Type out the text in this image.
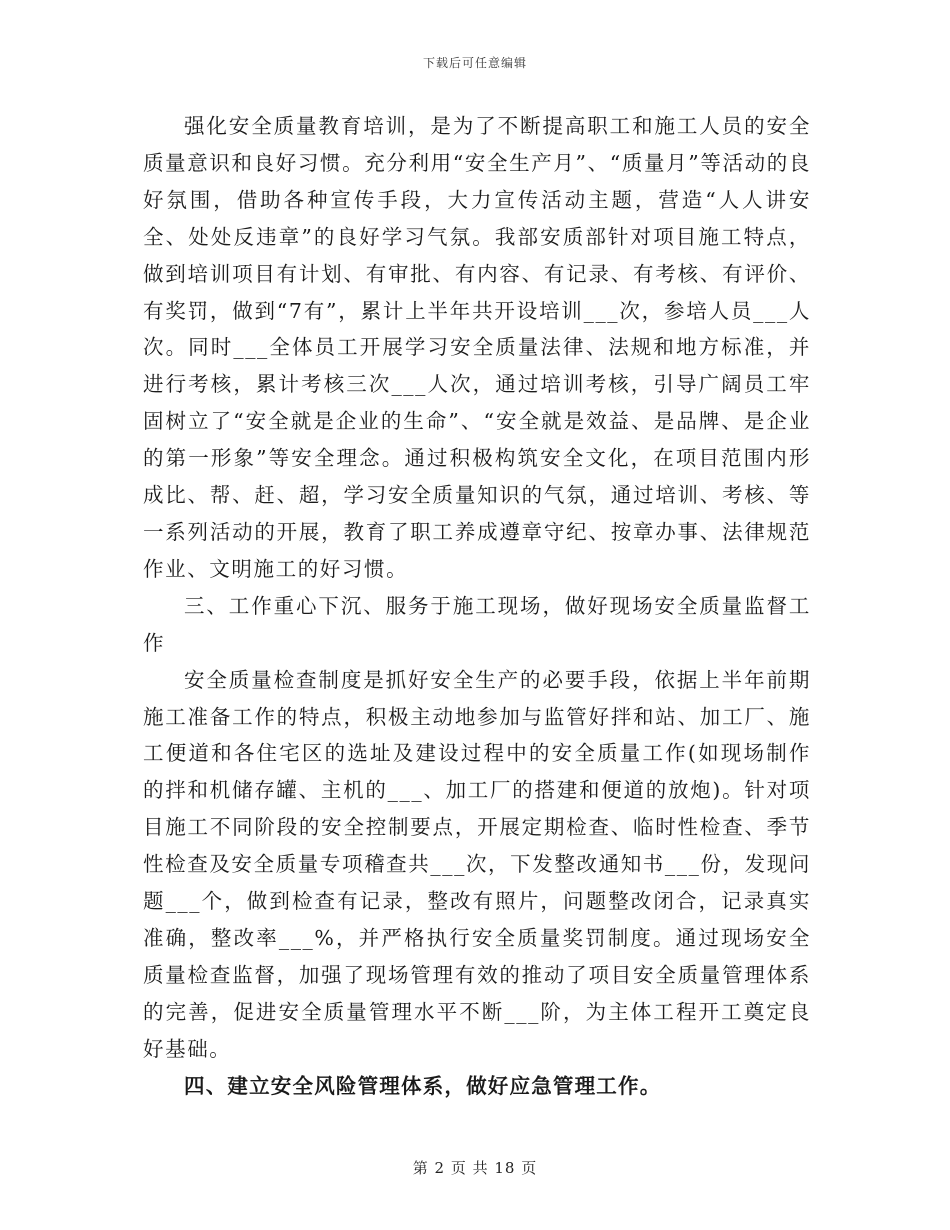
下载后可任意编辑

强化安全质量教育培训，是为了不断提高职工和施工人员的安全质量意识和良好习惯。充分利用“安全生产月”、“质量月”等活动的良好氛围，借助各种宣传手段，大力宣传活动主题，营造“人人讲安全、处处反违章”的良好学习气氛。我部安质部针对项目施工特点，做到培训项目有计划、有审批、有内容、有记录、有考核、有评价、有奖罚，做到“7有”，累计上半年共开设培训___次，参培人员___人次。同时___全体员工开展学习安全质量法律、法规和地方标准，并进行考核，累计考核三次___人次，通过培训考核，引导广阔员工牢固树立了“安全就是企业的生命”、“安全就是效益、是品牌、是企业的第一形象”等安全理念。通过积极构筑安全文化，在项目范围内形成比、帮、赶、超，学习安全质量知识的气氛，通过培训、考核、等一系列活动的开展，教育了职工养成遵章守纪、按章办事、法律规范作业、文明施工的好习惯。

三、工作重心下沉、服务于施工现场，做好现场安全质量监督工作

安全质量检查制度是抓好安全生产的必要手段，依据上半年前期施工准备工作的特点，积极主动地参加与监管好拌和站、加工厂、施工便道和各住宅区的选址及建设过程中的安全质量工作(如现场制作的拌和机储存罐、主机的___、加工厂的搭建和便道的放炮)。针对项目施工不同阶段的安全控制要点，开展定期检查、临时性检查、季节性检查及安全质量专项稽查共___次，下发整改通知书___份，发现问题___个，做到检查有记录，整改有照片，问题整改闭合，记录真实准确，整改率___%，并严格执行安全质量奖罚制度。通过现场安全质量检查监督，加强了现场管理有效的推动了项目安全质量管理体系的完善，促进安全质量管理水平不断___阶，为主体工程开工奠定良好基础。

四、建立安全风险管理体系，做好应急管理工作。

第 2 页 共 18 页
